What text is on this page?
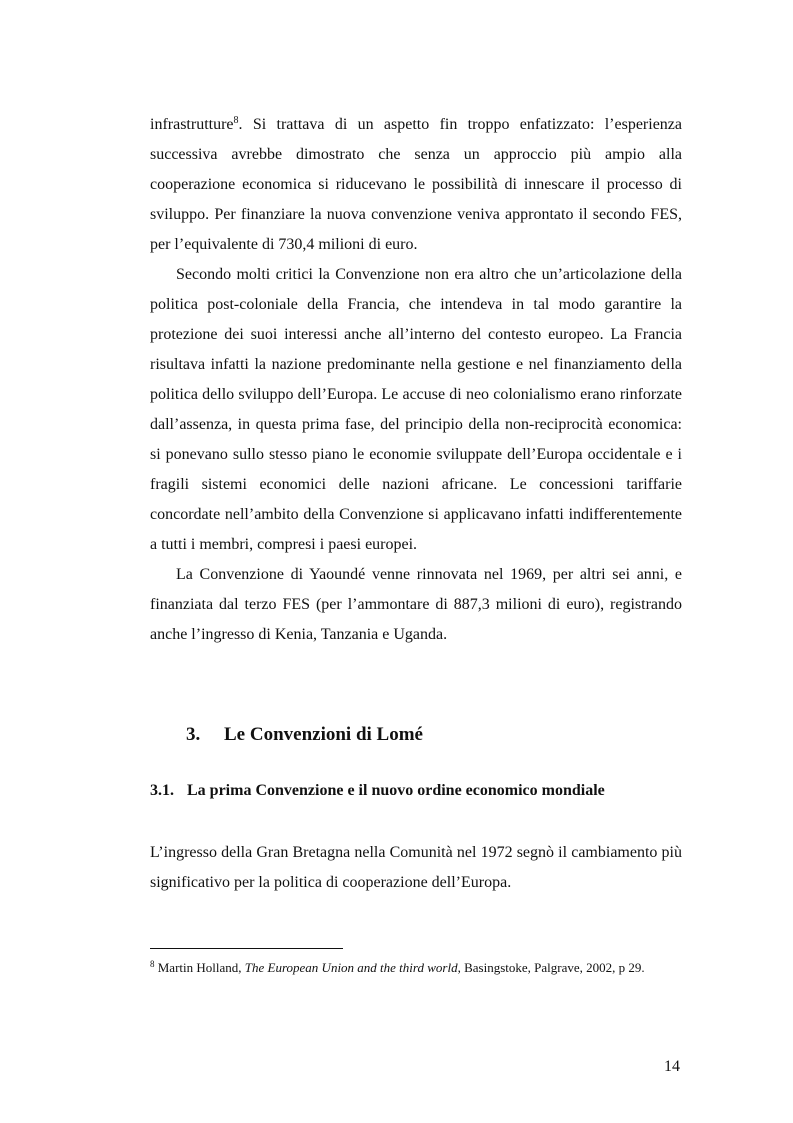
infrastrutture$^8$. Si trattava di un aspetto fin troppo enfatizzato: l’esperienza successiva avrebbe dimostrato che senza un approccio più ampio alla cooperazione economica si riducevano le possibilità di innescare il processo di sviluppo. Per finanziare la nuova convenzione veniva approntato il secondo FES, per l’equivalente di 730,4 milioni di euro.

Secondo molti critici la Convenzione non era altro che un’articolazione della politica post-coloniale della Francia, che intendeva in tal modo garantire la protezione dei suoi interessi anche all’interno del contesto europeo. La Francia risultava infatti la nazione predominante nella gestione e nel finanziamento della politica dello sviluppo dell’Europa. Le accuse di neo colonialismo erano rinforzate dall’assenza, in questa prima fase, del principio della non-reciprocità economica: si ponevano sullo stesso piano le economie sviluppate dell’Europa occidentale e i fragili sistemi economici delle nazioni africane. Le concessioni tariffarie concordate nell’ambito della Convenzione si applicavano infatti indifferentemente a tutti i membri, compresi i paesi europei.

La Convenzione di Yaoundé venne rinnovata nel 1969, per altri sei anni, e finanziata dal terzo FES (per l’ammontare di 887,3 milioni di euro), registrando anche l’ingresso di Kenia, Tanzania e Uganda.

3. Le Convenzioni di Lomé
3.1. La prima Convenzione e il nuovo ordine economico mondiale

L’ingresso della Gran Bretagna nella Comunità nel 1972 segnò il cambiamento più significativo per la politica di cooperazione dell’Europa.

$^8$ Martin Holland, The European Union and the third world, Basingstoke, Palgrave, 2002, p 29.
14
